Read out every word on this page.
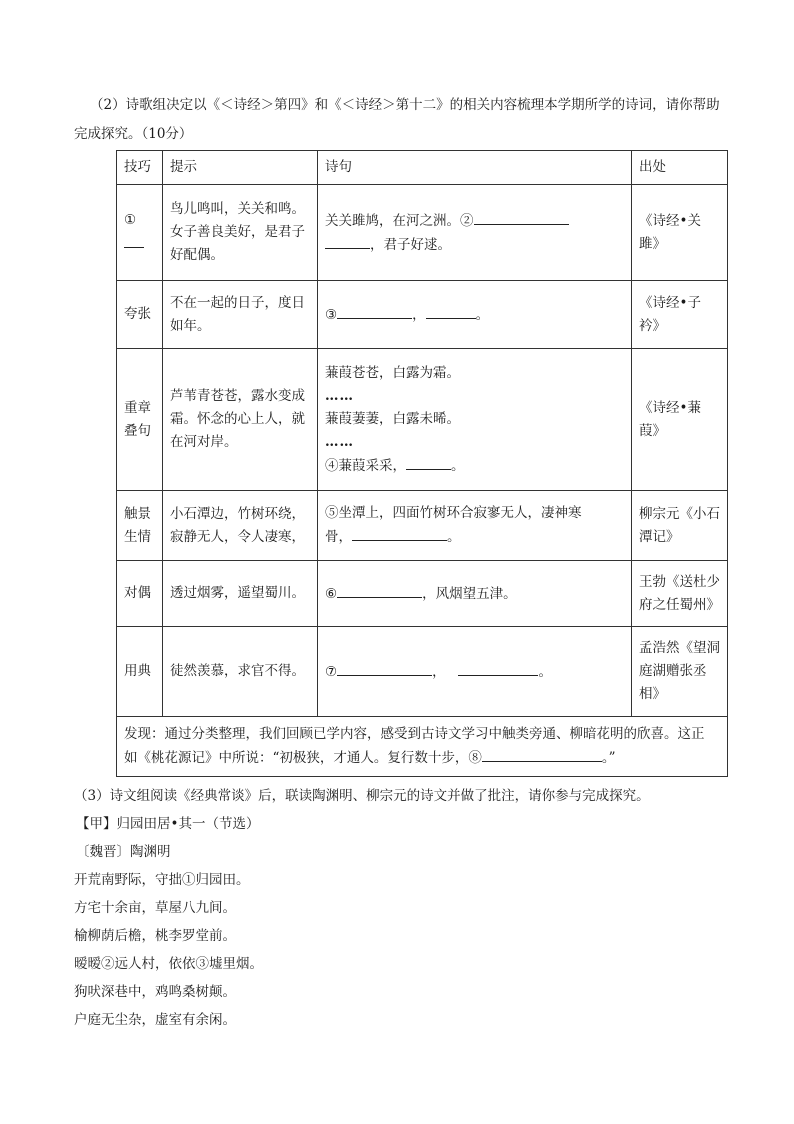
（2）诗歌组决定以《＜诗经＞第四》和《＜诗经＞第十二》的相关内容梳理本学期所学的诗词，请你帮助
完成探究。（10分）
技巧	提示	诗句	出处
①	鸟儿鸣叫，关关和鸣。女子善良美好，是君子好配偶。	关关雎鸠，在河之洲。②
，君子好逑。	《诗经•关雎》
夸张	不在一起的日子，度日如年。	③ ， 。	《诗经•子衿》
重章叠句	芦苇青苍苍，露水变成霜。怀念的心上人，就在河对岸。	蒹葭苍苍，白露为霜。
……
蒹葭萋萋，白露未晞。
……
④蒹葭采采， 。	《诗经•蒹葭》
触景生情	小石潭边，竹树环绕，寂静无人，令人凄寒，	⑤坐潭上，四面竹树环合寂寥无人，凄神寒
骨， 。	柳宗元《小石潭记》
对偶	透过烟雾，遥望蜀川。	⑥ ，风烟望五津。	王勃《送杜少府之任蜀州》
用典	徒然羡慕，求官不得。	⑦ ， 。	孟浩然《望洞庭湖赠张丞相》
发现：通过分类整理，我们回顾已学内容，感受到古诗文学习中触类旁通、柳暗花明的欣喜。这正
如《桃花源记》中所说：“初极狭，才通人。复行数十步，⑧ 。”			
（3）诗文组阅读《经典常谈》后，联读陶渊明、柳宗元的诗文并做了批注，请你参与完成探究。
【甲】归园田居•其一（节选）
〔魏晋〕陶渊明
开荒南野际，守拙①归园田。
方宅十余亩，草屋八九间。
榆柳荫后檐，桃李罗堂前。
暧暧②远人村，依依③墟里烟。
狗吠深巷中，鸡鸣桑树颠。
户庭无尘杂，虚室有余闲。
